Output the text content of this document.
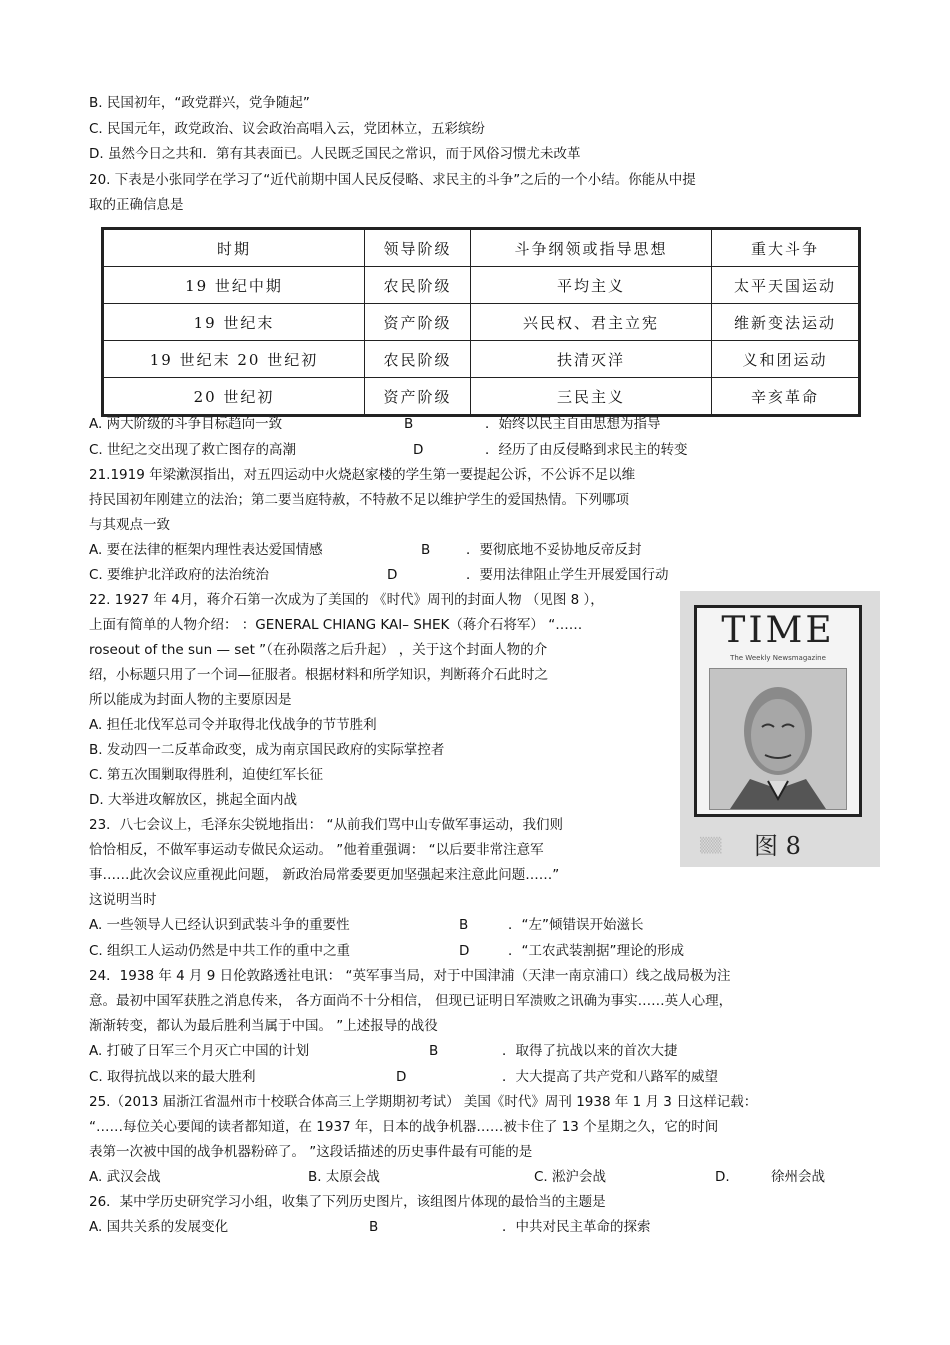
B. 民国初年，“政党群兴，党争随起”
C. 民国元年，政党政治、议会政治高唱入云，党团林立，五彩缤纷
D. 虽然今日之共和．第有其表面已。人民既乏国民之常识，而于风俗习惯尤未改革
20. 下表是小张同学在学习了“近代前期中国人民反侵略、求民主的斗争”之后的一个小结。你能从中提
取的正确信息是
时期	领导阶级	斗争纲领或指导思想	重大斗争
19 世纪中期	农民阶级	平均主义	太平天国运动
19 世纪末	资产阶级	兴民权、君主立宪	维新变法运动
19 世纪末 20 世纪初	农民阶级	扶清灭洋	义和团运动
20 世纪初	资产阶级	三民主义	辛亥革命
A. 两大阶级的斗争目标趋向一致	B	．始终以民主自由思想为指导
C. 世纪之交出现了救亡图存的高潮	D	．经历了由反侵略到求民主的转变
21.1919 年梁漱溟指出，对五四运动中火烧赵家楼的学生第一要提起公诉，不公诉不足以维
持民国初年刚建立的法治；第二要当庭特赦，不特赦不足以维护学生的爱国热情。下列哪项
与其观点一致
A. 要在法律的框架内理性表达爱国情感	B	．要彻底地不妥协地反帝反封
C. 要维护北洋政府的法治统治	D	．要用法律阻止学生开展爱国行动
22. 1927 年 4月，蒋介石第一次成为了美国的 《时代》周刊的封面人物 （见图 8 ），
上面有简单的人物介绍： ：GENERAL CHIANG KAI– SHEK（蒋介石将军） “……
roseout of the sun — set ”（在孙陨落之后升起） ，关于这个封面人物的介
绍，小标题只用了一个词—征服者。根据材料和所学知识，判断蒋介石此时之
所以能成为封面人物的主要原因是
A. 担任北伐军总司令并取得北伐战争的节节胜利
B. 发动四一二反革命政变，成为南京国民政府的实际掌控者
C. 第五次围剿取得胜利，迫使红军长征
D. 大举进攻解放区，挑起全面内战
TIME
The Weekly Newsmagazine
▒▒ 图 8
23．八七会议上，毛泽东尖锐地指出： “从前我们骂中山专做军事运动，我们则
恰恰相反，不做军事运动专做民众运动。 ”他着重强调： “以后要非常注意军
事……此次会议应重视此问题， 新政治局常委要更加坚强起来注意此问题……”
这说明当时
A. 一些领导人已经认识到武装斗争的重要性	B	．“左”倾错误开始滋长
C. 组织工人运动仍然是中共工作的重中之重	D	．“工农武装割据”理论的形成
24．1938 年 4 月 9 日伦敦路透社电讯： “英军事当局，对于中国津浦（天津一南京浦口）线之战局极为注
意。最初中国军获胜之消息传来， 各方面尚不十分相信， 但现已证明日军溃败之讯确为事实……英人心理，
渐渐转变，都认为最后胜利当属于中国。 ”上述报导的战役
A. 打破了日军三个月灭亡中国的计划	B	．取得了抗战以来的首次大捷
C. 取得抗战以来的最大胜利	D	．大大提高了共产党和八路军的威望
25.（2013 届浙江省温州市十校联合体高三上学期期初考试） 美国《时代》周刊 1938 年 1 月 3 日这样记载：
“……每位关心要闻的读者都知道，在 1937 年，日本的战争机器……被卡住了 13 个星期之久，它的时间
表第一次被中国的战争机器粉碎了。 ”这段话描述的历史事件最有可能的是
A. 武汉会战	B. 太原会战	C. 淞沪会战	D.	徐州会战
26．某中学历史研究学习小组，收集了下列历史图片，该组图片体现的最恰当的主题是
A. 国共关系的发展变化	B	．中共对民主革命的探索
